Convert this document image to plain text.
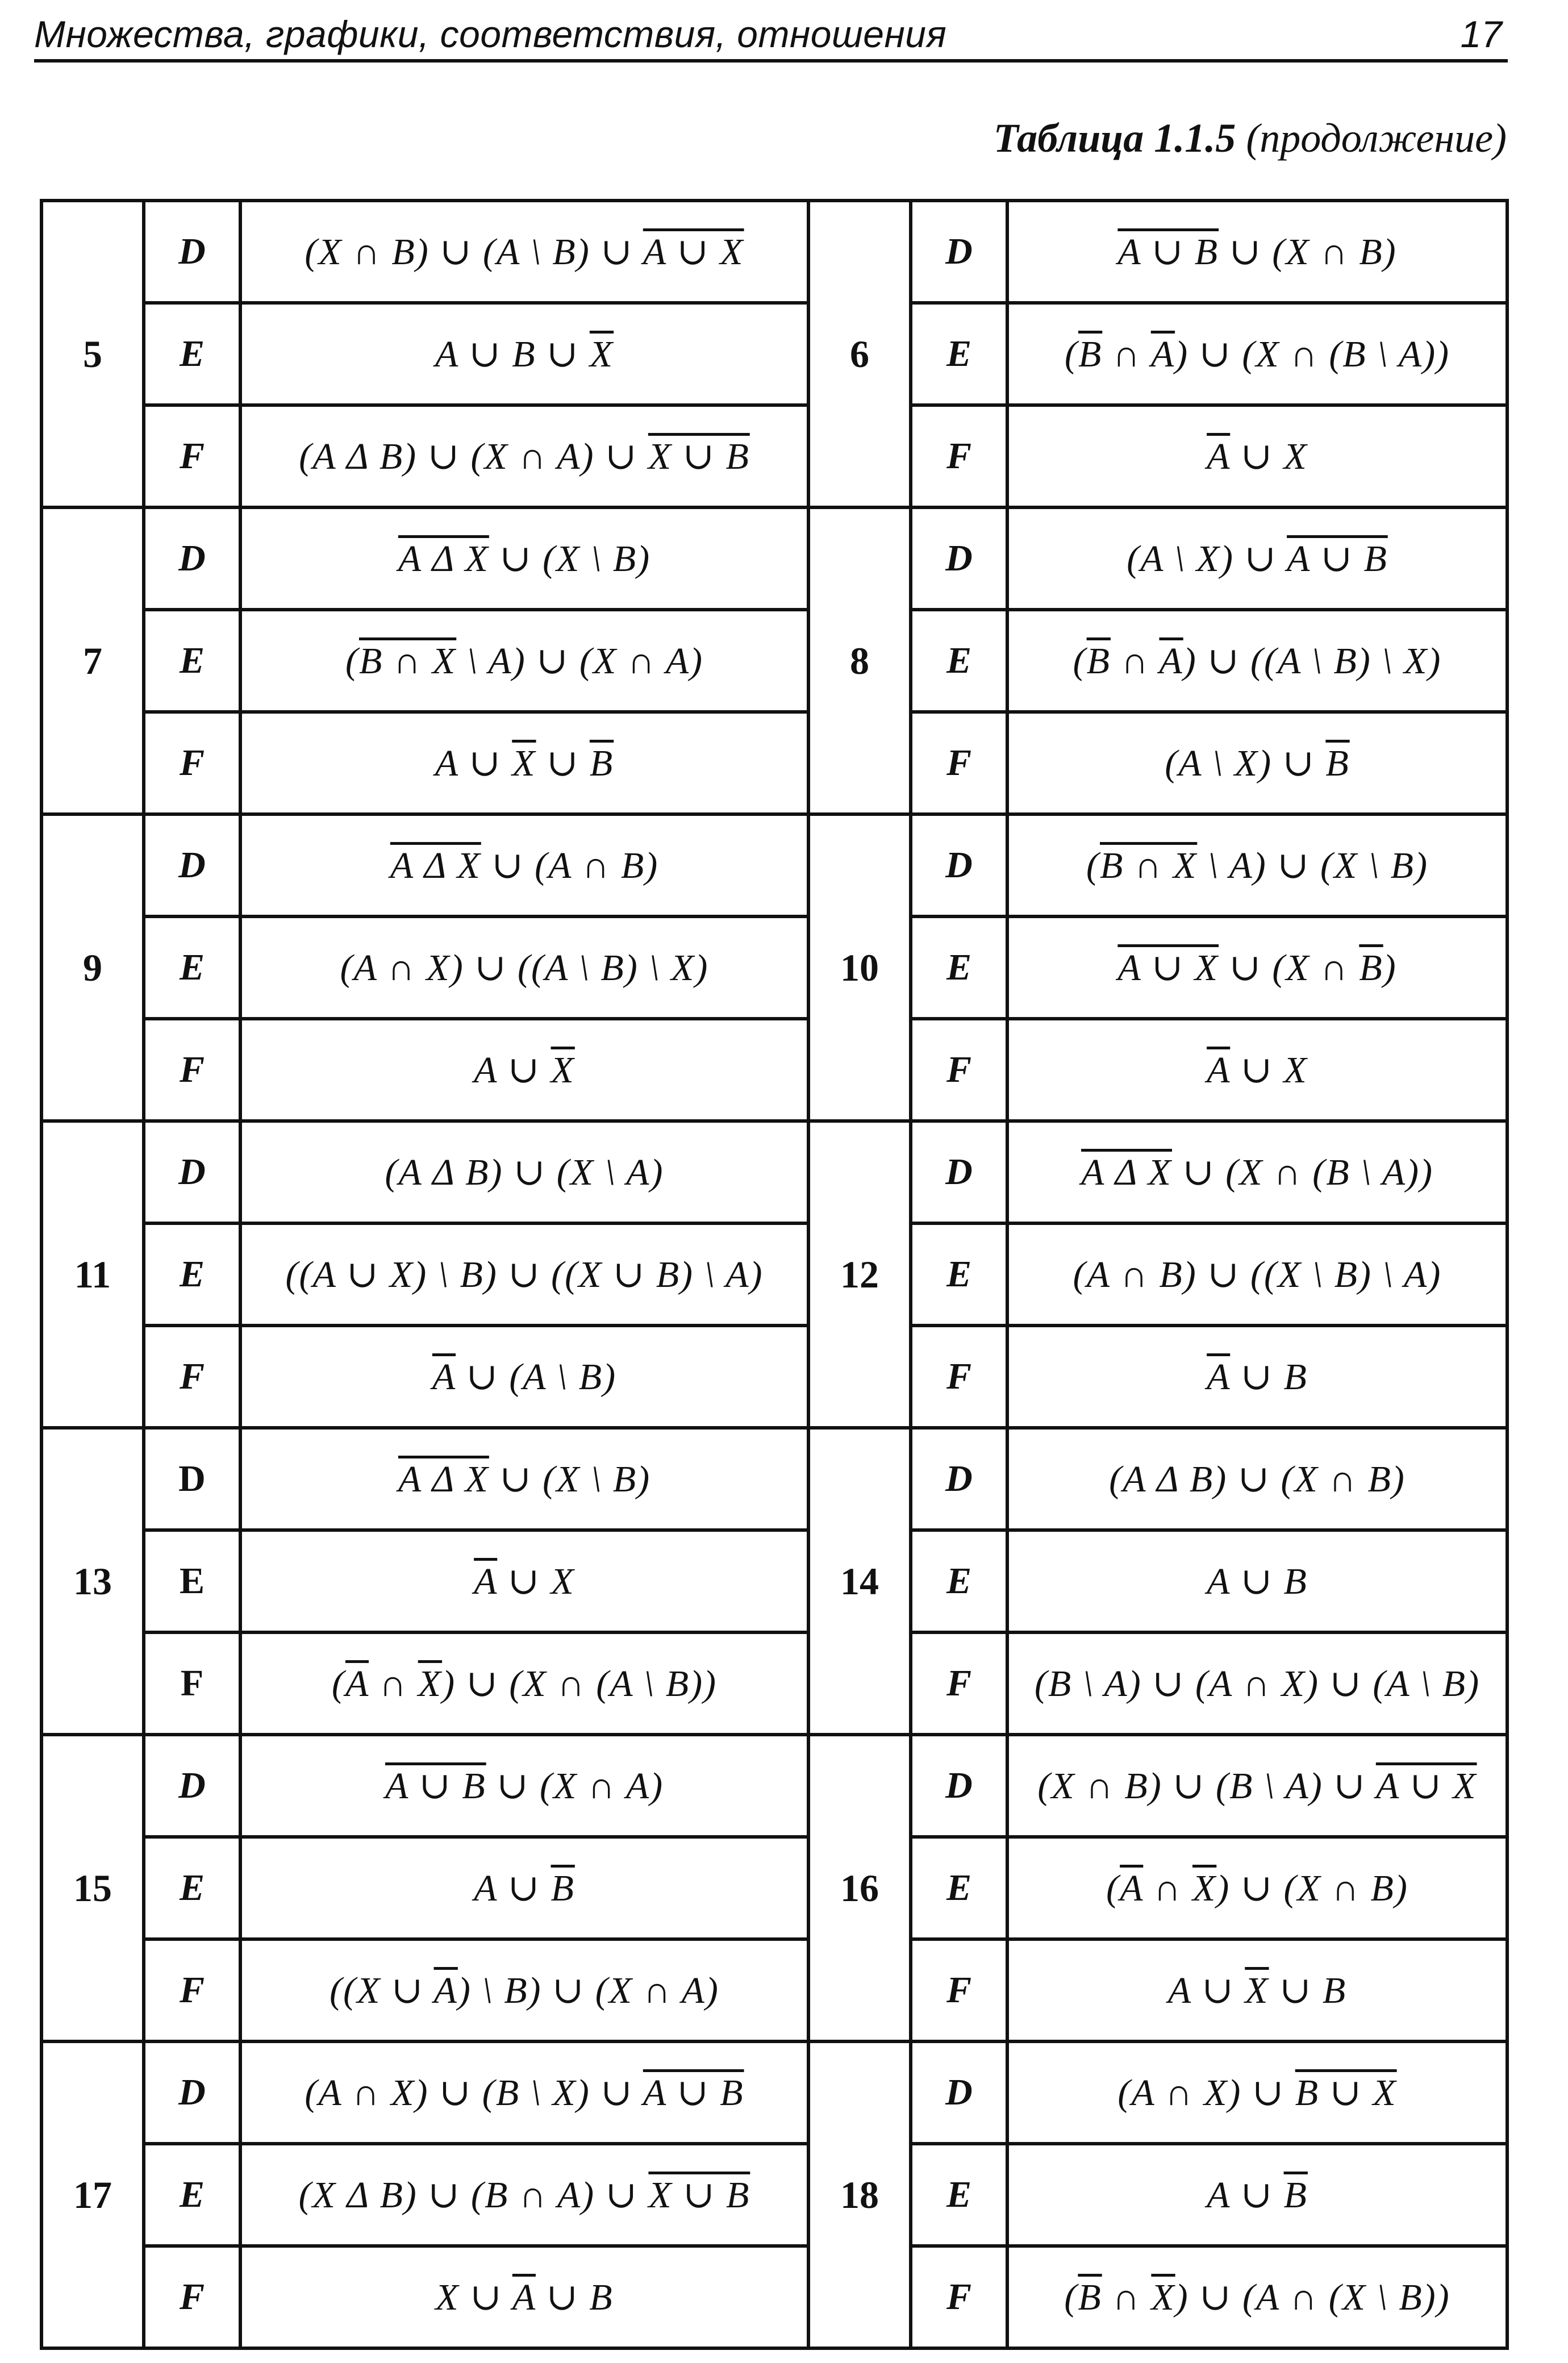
Множества, графики, соответствия, отношения	17
Таблица 1.1.5 (продолжение)
5	D	(X ∩ B) ∪ (A \ B) ∪ A ∪ X	6	D	A ∪ B ∪ (X ∩ B)
	E	A ∪ B ∪ $\overline{X}$		E	($\overline{B}$ ∩ $\overline{A}$) ∪ (X ∩ (B \ A))
	F	(A Δ B) ∪ (X ∩ A) ∪ X ∪ B		F	$\overline{A}$ ∪ X
7	D	A Δ X ∪ (X \ B)	8	D	(A \ X) ∪ A ∪ B
	E	(B ∩ X \ A) ∪ (X ∩ A)		E	($\overline{B}$ ∩ $\overline{A}$) ∪ ((A \ B) \ X)
	F	A ∪ $\overline{X}$ ∪ $\overline{B}$		F	(A \ X) ∪ $\overline{B}$
9	D	A Δ X ∪ (A ∩ B)	10	D	(B ∩ X \ A) ∪ (X \ B)
	E	(A ∩ X) ∪ ((A \ B) \ X)		E	A ∪ X ∪ (X ∩ $\overline{B}$)
	F	A ∪ $\overline{X}$		F	$\overline{A}$ ∪ X
11	D	(A Δ B) ∪ (X \ A)	12	D	A Δ X ∪ (X ∩ (B \ A))
	E	((A ∪ X) \ B) ∪ ((X ∪ B) \ A)		E	(A ∩ B) ∪ ((X \ B) \ A)
	F	$\overline{A}$ ∪ (A \ B)		F	$\overline{A}$ ∪ B
13	D	A Δ X ∪ (X \ B)	14	D	(A Δ B) ∪ (X ∩ B)
	E	$\overline{A}$ ∪ X		E	A ∪ B
	F	($\overline{A}$ ∩ $\overline{X}$) ∪ (X ∩ (A \ B))		F	(B \ A) ∪ (A ∩ X) ∪ (A \ B)
15	D	A ∪ B ∪ (X ∩ A)	16	D	(X ∩ B) ∪ (B \ A) ∪ A ∪ X
	E	A ∪ $\overline{B}$		E	($\overline{A}$ ∩ $\overline{X}$) ∪ (X ∩ B)
	F	((X ∪ $\overline{A}$) \ B) ∪ (X ∩ A)		F	A ∪ $\overline{X}$ ∪ B
17	D	(A ∩ X) ∪ (B \ X) ∪ A ∪ B	18	D	(A ∩ X) ∪ B ∪ X
	E	(X Δ B) ∪ (B ∩ A) ∪ X ∪ B		E	A ∪ $\overline{B}$
	F	X ∪ $\overline{A}$ ∪ B		F	($\overline{B}$ ∩ $\overline{X}$) ∪ (A ∩ (X \ B))
